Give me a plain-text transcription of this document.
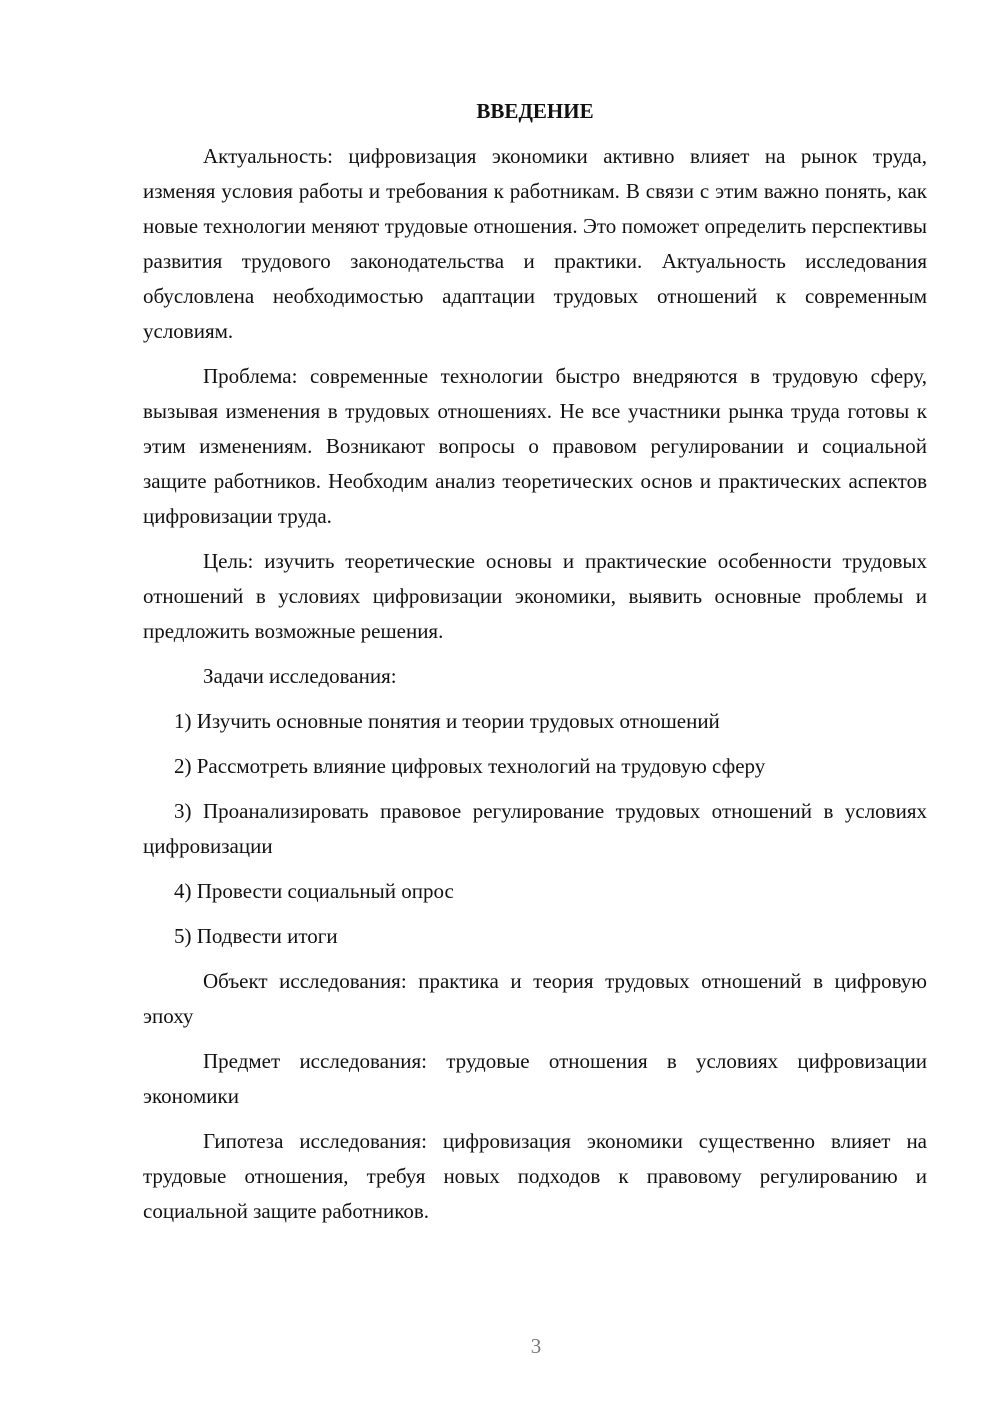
ВВЕДЕНИЕ

Актуальность: цифровизация экономики активно влияет на рынок труда, изменяя условия работы и требования к работникам. В связи с этим важно понять, как новые технологии меняют трудовые отношения. Это поможет определить перспективы развития трудового законодательства и практики. Актуальность исследования обусловлена необходимостью адаптации трудовых отношений к современным условиям.

Проблема: современные технологии быстро внедряются в трудовую сферу, вызывая изменения в трудовых отношениях. Не все участники рынка труда готовы к этим изменениям. Возникают вопросы о правовом регулировании и социальной защите работников. Необходим анализ теоретических основ и практических аспектов цифровизации труда.

Цель: изучить теоретические основы и практические особенности трудовых отношений в условиях цифровизации экономики, выявить основные проблемы и предложить возможные решения.

Задачи исследования:

1) Изучить основные понятия и теории трудовых отношений

2) Рассмотреть влияние цифровых технологий на трудовую сферу

3) Проанализировать правовое регулирование трудовых отношений в условиях цифровизации

4) Провести социальный опрос

5) Подвести итоги

Объект исследования: практика и теория трудовых отношений в цифровую эпоху

Предмет исследования: трудовые отношения в условиях цифровизации экономики

Гипотеза исследования: цифровизация экономики существенно влияет на трудовые отношения, требуя новых подходов к правовому регулированию и социальной защите работников.

3
